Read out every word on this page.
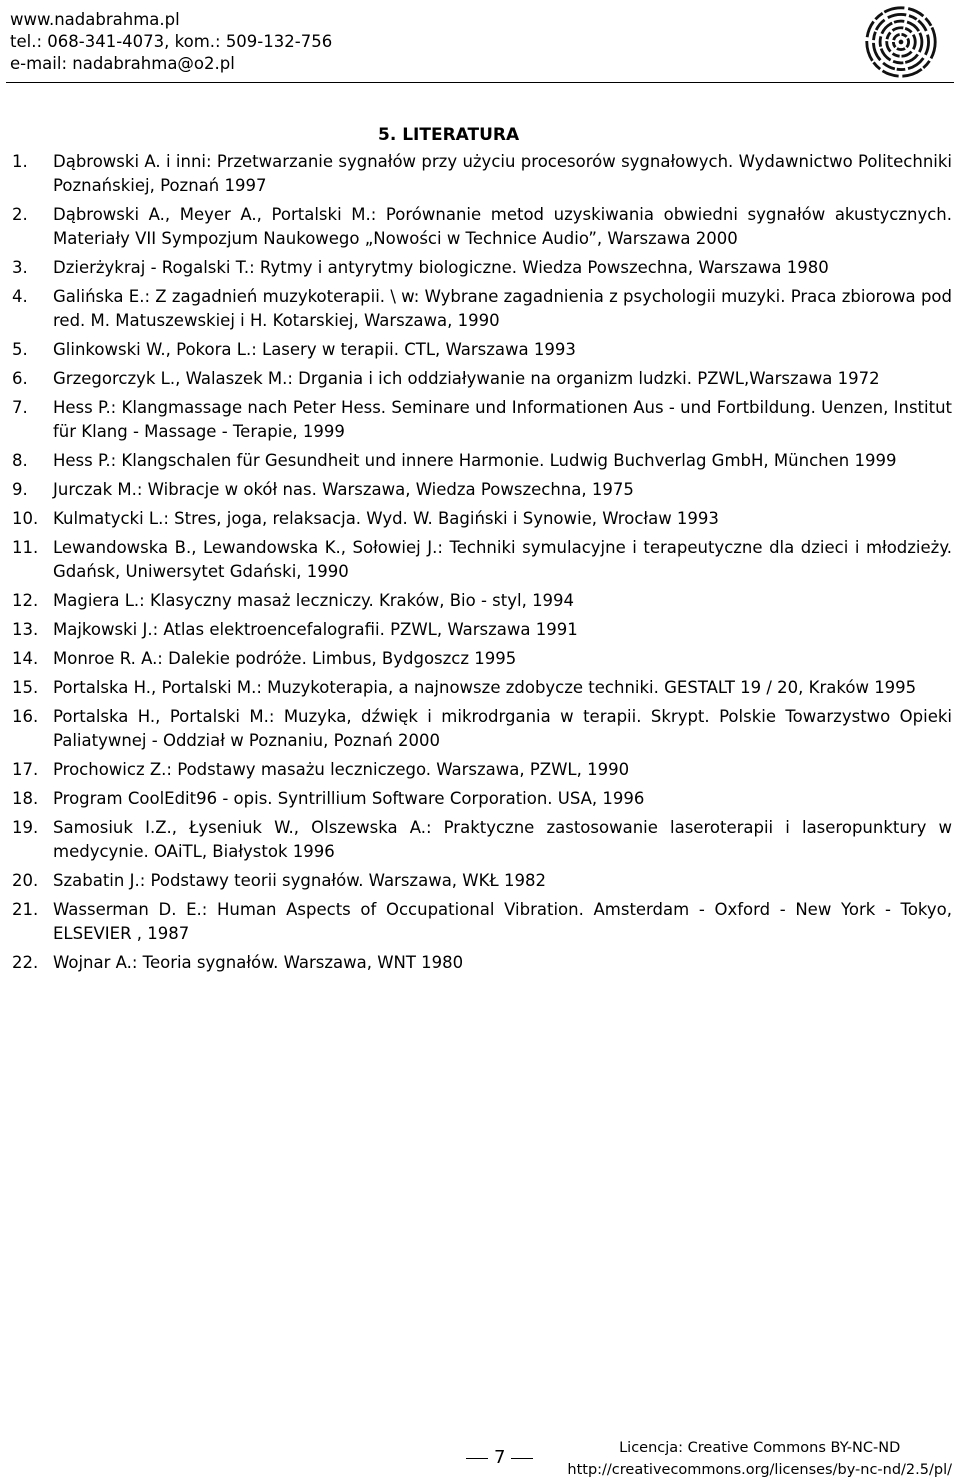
www.nadabrahma.pl
tel.: 068-341-4073, kom.: 509-132-756
e-mail: nadabrahma@o2.pl
5. LITERATURA
1. Dąbrowski A. i inni: Przetwarzanie sygnałów przy użyciu procesorów sygnałowych. Wydawnictwo Politechniki Poznańskiej, Poznań 1997
2. Dąbrowski A., Meyer A., Portalski M.: Porównanie metod uzyskiwania obwiedni sygnałów akustycznych. Materiały VII Sympozjum Naukowego „Nowości w Technice Audio”, Warszawa 2000
3. Dzierżykraj - Rogalski T.: Rytmy i antyrytmy biologiczne. Wiedza Powszechna, Warszawa 1980
4. Galińska E.: Z zagadnień muzykoterapii. \ w: Wybrane zagadnienia z psychologii muzyki. Praca zbiorowa pod red. M. Matuszewskiej i H. Kotarskiej, Warszawa, 1990
5. Glinkowski W., Pokora L.: Lasery w terapii. CTL, Warszawa 1993
6. Grzegorczyk L., Walaszek M.: Drgania i ich oddziaływanie na organizm ludzki. PZWL,Warszawa 1972
7. Hess P.: Klangmassage nach Peter Hess. Seminare und Informationen Aus - und Fortbildung. Uenzen, Institut für Klang - Massage - Terapie, 1999
8. Hess P.: Klangschalen für Gesundheit und innere Harmonie. Ludwig Buchverlag GmbH, München 1999
9. Jurczak M.: Wibracje w okół nas. Warszawa, Wiedza Powszechna, 1975
10. Kulmatycki L.: Stres, joga, relaksacja. Wyd. W. Bagiński i Synowie, Wrocław 1993
11. Lewandowska B., Lewandowska K., Sołowiej J.: Techniki symulacyjne i terapeutyczne dla dzieci i młodzieży. Gdańsk, Uniwersytet Gdański, 1990
12. Magiera L.: Klasyczny masaż leczniczy. Kraków, Bio - styl, 1994
13. Majkowski J.: Atlas elektroencefalografii. PZWL, Warszawa 1991
14. Monroe R. A.: Dalekie podróże. Limbus, Bydgoszcz 1995
15. Portalska H., Portalski M.: Muzykoterapia, a najnowsze zdobycze techniki. GESTALT 19 / 20, Kraków 1995
16. Portalska H., Portalski M.: Muzyka, dźwięk i mikrodrgania w terapii. Skrypt. Polskie Towarzystwo Opieki Paliatywnej - Oddział w Poznaniu, Poznań 2000
17. Prochowicz Z.: Podstawy masażu leczniczego. Warszawa, PZWL, 1990
18. Program CoolEdit96 - opis. Syntrillium Software Corporation. USA, 1996
19. Samosiuk I.Z., Łyseniuk W., Olszewska A.: Praktyczne zastosowanie laseroterapii i laseropunktury w medycynie. OAiTL, Białystok 1996
20. Szabatin J.: Podstawy teorii sygnałów. Warszawa, WKŁ 1982
21. Wasserman D. E.: Human Aspects of Occupational Vibration. Amsterdam - Oxford - New York - Tokyo, ELSEVIER , 1987
22. Wojnar A.: Teoria sygnałów. Warszawa, WNT 1980
7	Licencja: Creative Commons BY-NC-ND
http://creativecommons.org/licenses/by-nc-nd/2.5/pl/
